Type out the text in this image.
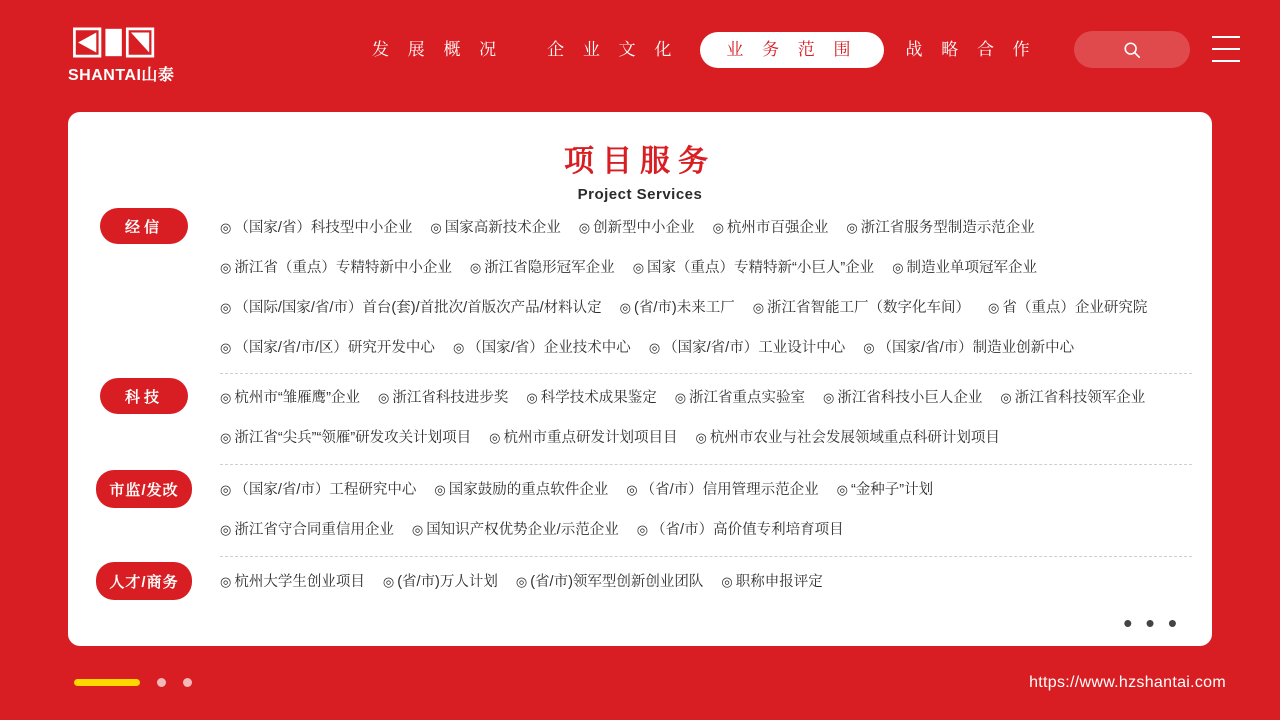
SHANTAI山泰
发 展 概 况	企 业 文 化	业 务 范 围	战 略 合 作
项目服务
Project Services
经信	◎ （国家/省）科技型中小企业 ◎ 国家高新技术企业 ◎ 创新型中小企业 ◎ 杭州市百强企业 ◎ 浙江省服务型制造示范企业
◎ 浙江省（重点）专精特新中小企业 ◎ 浙江省隐形冠军企业 ◎ 国家（重点）专精特新“小巨人”企业 ◎ 制造业单项冠军企业
◎ （国际/国家/省/市）首台(套)/首批次/首版次产品/材料认定 ◎ (省/市)未来工厂 ◎ 浙江省智能工厂（数字化车间） ◎ 省（重点）企业研究院
◎ （国家/省/市/区）研究开发中心 ◎ （国家/省）企业技术中心 ◎ （国家/省/市）工业设计中心 ◎ （国家/省/市）制造业创新中心
科技	◎ 杭州市“雏雁鹰”企业 ◎ 浙江省科技进步奖 ◎ 科学技术成果鉴定 ◎ 浙江省重点实验室 ◎ 浙江省科技小巨人企业 ◎ 浙江省科技领军企业
◎ 浙江省“尖兵”“领雁”研发攻关计划项目 ◎ 杭州市重点研发计划项目目 ◎ 杭州市农业与社会发展领域重点科研计划项目
市监/发改	◎ （国家/省/市）工程研究中心 ◎ 国家鼓励的重点软件企业 ◎ （省/市）信用管理示范企业 ◎ “金种子”计划
◎ 浙江省守合同重信用企业 ◎ 国知识产权优势企业/示范企业 ◎ （省/市）高价值专利培育项目
人才/商务	◎ 杭州大学生创业项目 ◎ (省/市)万人计划 ◎ (省/市)领军型创新创业团队 ◎ 职称申报评定
• • •
https://www.hzshantai.com
